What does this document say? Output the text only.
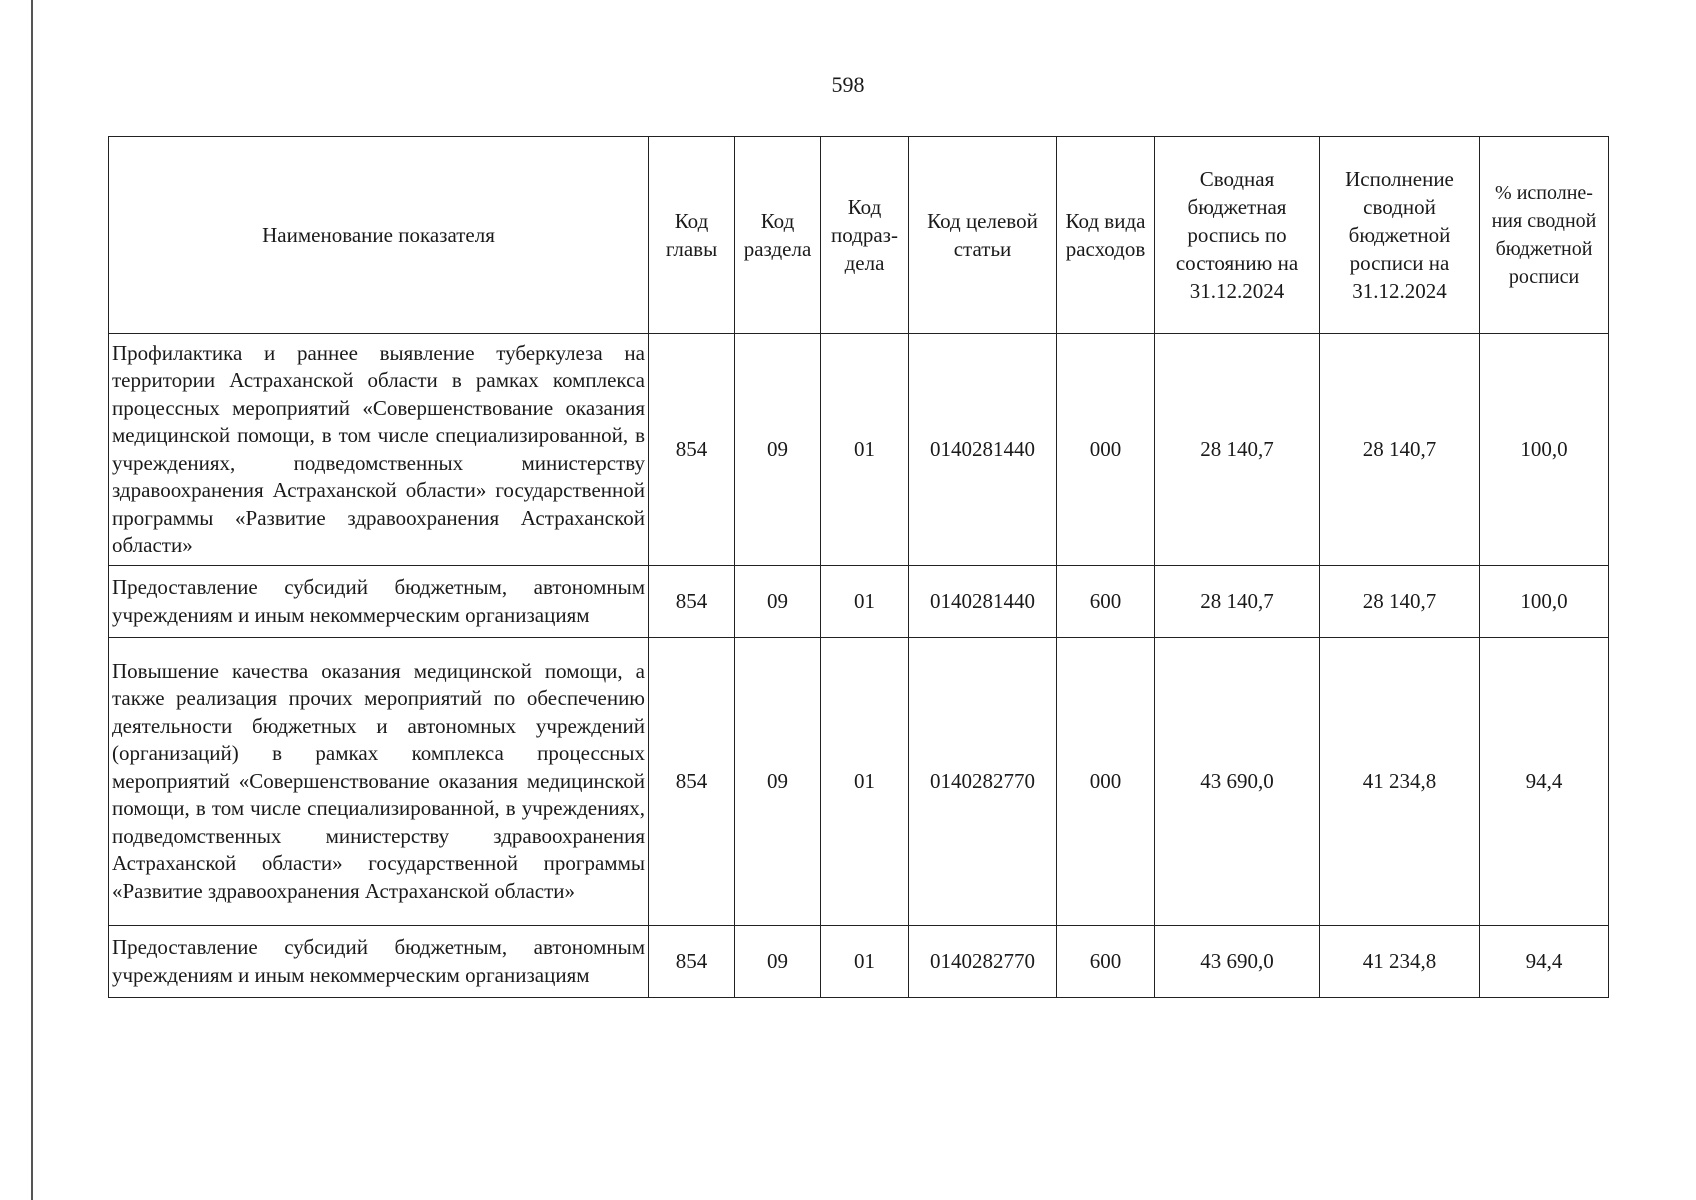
598
Наименование показателя	Код главы	Код раздела	Код подраздела	Код целевой статьи	Код вида расходов	Сводная бюджетная роспись по состоянию на 31.12.2024	Исполнение сводной бюджетной росписи на 31.12.2024	% исполнения сводной бюджетной росписи
Профилактика и раннее выявление туберкулеза на территории Астраханской области в рамках комплекса процессных мероприятий «Совершенствование оказания медицинской помощи, в том числе специализированной, в учреждениях, подведомственных министерству здравоохранения Астраханской области» государственной программы «Развитие здравоохранения Астраханской области»	854	09	01	0140281440	000	28 140,7	28 140,7	100,0
Предоставление субсидий бюджетным, автономным учреждениям и иным некоммерческим организациям	854	09	01	0140281440	600	28 140,7	28 140,7	100,0
Повышение качества оказания медицинской помощи, а также реализация прочих мероприятий по обеспечению деятельности бюджетных и автономных учреждений (организаций) в рамках комплекса процессных мероприятий «Совершенствование оказания медицинской помощи, в том числе специализированной, в учреждениях, подведомственных министерству здравоохранения Астраханской области» государственной программы «Развитие здравоохранения Астраханской области»	854	09	01	0140282770	000	43 690,0	41 234,8	94,4
Предоставление субсидий бюджетным, автономным учреждениям и иным некоммерческим организациям	854	09	01	0140282770	600	43 690,0	41 234,8	94,4
